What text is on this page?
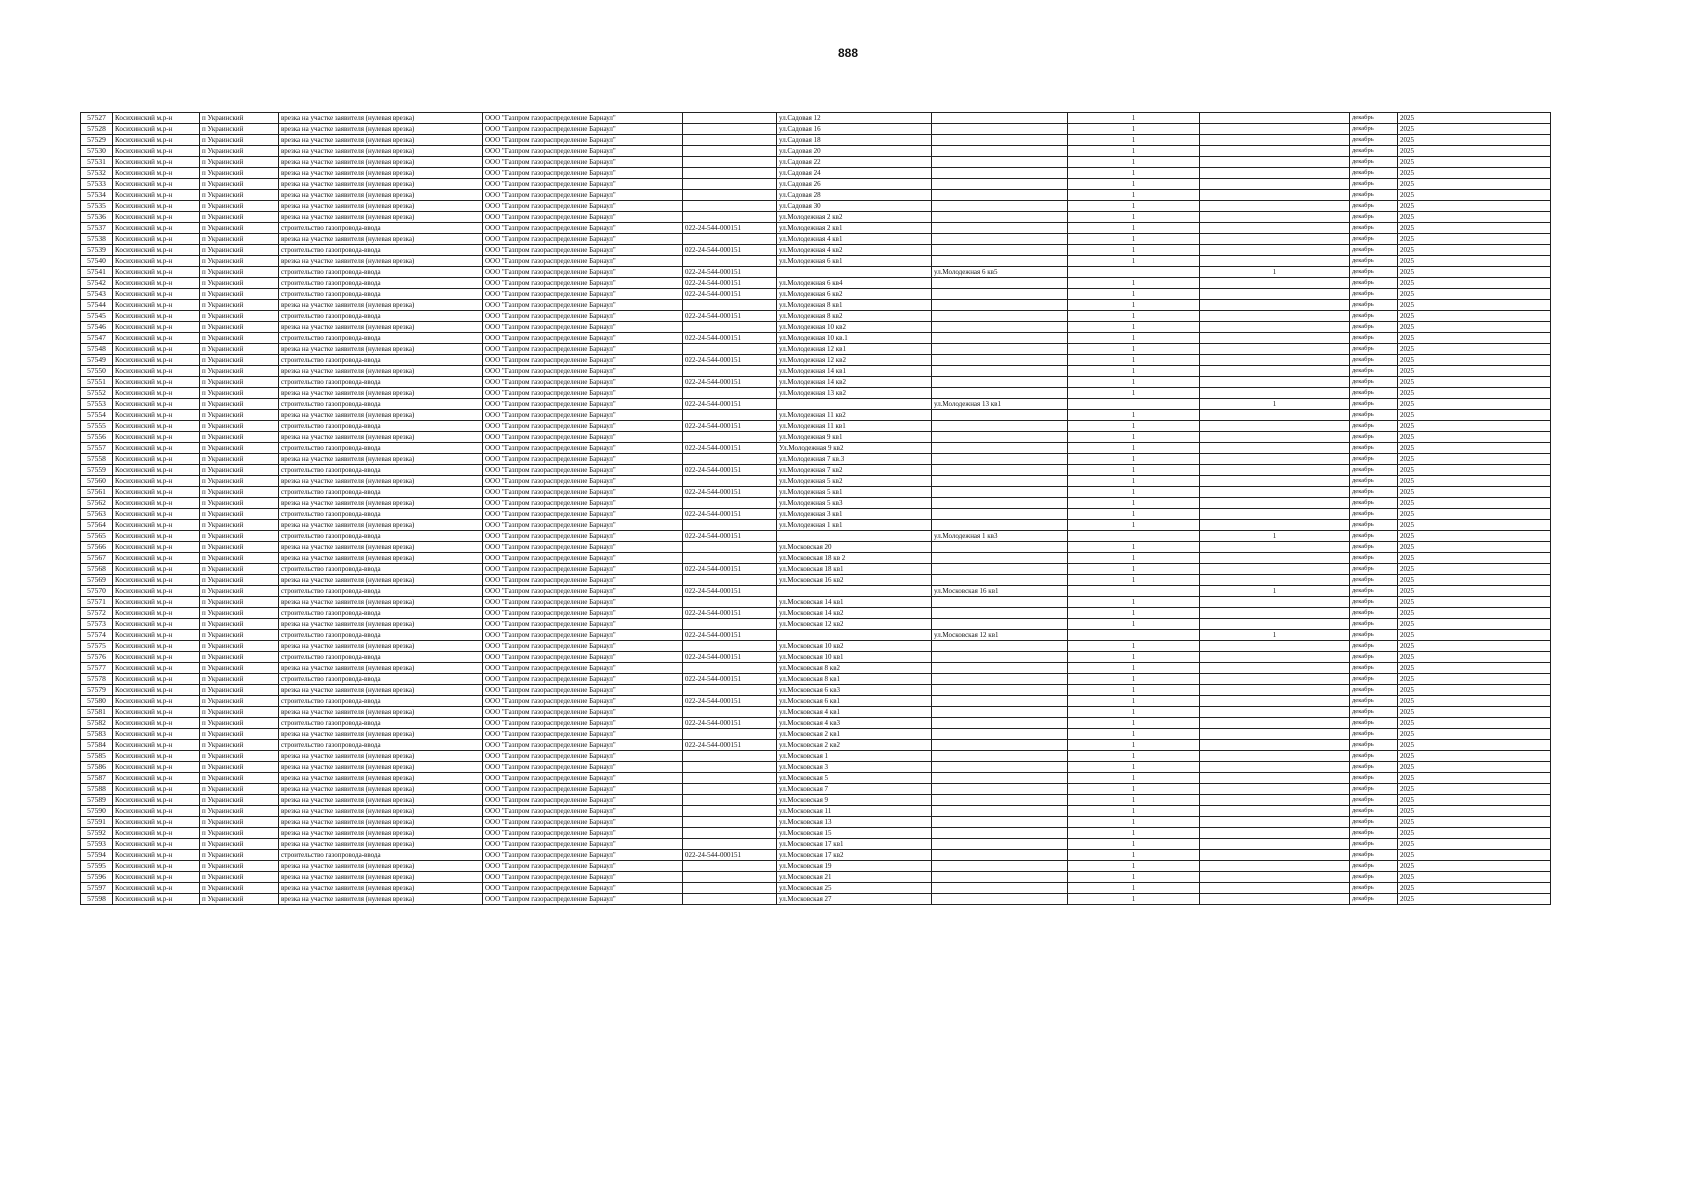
888
57527	Косихинский м.р-н	п Украинский	врезка на участке заявителя (нулевая врезка)	ООО "Газпром газораспределение Барнаул"		ул.Садовая 12		1		декабрь	2025
57528	Косихинский м.р-н	п Украинский	врезка на участке заявителя (нулевая врезка)	ООО "Газпром газораспределение Барнаул"		ул.Садовая 16		1		декабрь	2025
57529	Косихинский м.р-н	п Украинский	врезка на участке заявителя (нулевая врезка)	ООО "Газпром газораспределение Барнаул"		ул.Садовая 18		1		декабрь	2025
57530	Косихинский м.р-н	п Украинский	врезка на участке заявителя (нулевая врезка)	ООО "Газпром газораспределение Барнаул"		ул.Садовая 20		1		декабрь	2025
57531	Косихинский м.р-н	п Украинский	врезка на участке заявителя (нулевая врезка)	ООО "Газпром газораспределение Барнаул"		ул.Садовая 22		1		декабрь	2025
57532	Косихинский м.р-н	п Украинский	врезка на участке заявителя (нулевая врезка)	ООО "Газпром газораспределение Барнаул"		ул.Садовая 24		1		декабрь	2025
57533	Косихинский м.р-н	п Украинский	врезка на участке заявителя (нулевая врезка)	ООО "Газпром газораспределение Барнаул"		ул.Садовая 26		1		декабрь	2025
57534	Косихинский м.р-н	п Украинский	врезка на участке заявителя (нулевая врезка)	ООО "Газпром газораспределение Барнаул"		ул.Садовая 28		1		декабрь	2025
57535	Косихинский м.р-н	п Украинский	врезка на участке заявителя (нулевая врезка)	ООО "Газпром газораспределение Барнаул"		ул.Садовая 30		1		декабрь	2025
57536	Косихинский м.р-н	п Украинский	врезка на участке заявителя (нулевая врезка)	ООО "Газпром газораспределение Барнаул"		ул.Молодежная 2 кв2		1		декабрь	2025
57537	Косихинский м.р-н	п Украинский	строительство газопровода-ввода	ООО "Газпром газораспределение Барнаул"	022-24-544-000151	ул.Молодежная 2 кв1		1		декабрь	2025
57538	Косихинский м.р-н	п Украинский	врезка на участке заявителя (нулевая врезка)	ООО "Газпром газораспределение Барнаул"		ул.Молодежная 4 кв1		1		декабрь	2025
57539	Косихинский м.р-н	п Украинский	строительство газопровода-ввода	ООО "Газпром газораспределение Барнаул"	022-24-544-000151	ул.Молодежная 4 кв2		1		декабрь	2025
57540	Косихинский м.р-н	п Украинский	врезка на участке заявителя (нулевая врезка)	ООО "Газпром газораспределение Барнаул"		ул.Молодежная 6 кв1		1		декабрь	2025
57541	Косихинский м.р-н	п Украинский	строительство газопровода-ввода	ООО "Газпром газораспределение Барнаул"	022-24-544-000151		ул.Молодежная 6 кв5		1	декабрь	2025
57542	Косихинский м.р-н	п Украинский	строительство газопровода-ввода	ООО "Газпром газораспределение Барнаул"	022-24-544-000151	ул.Молодежная 6 кв4		1		декабрь	2025
57543	Косихинский м.р-н	п Украинский	строительство газопровода-ввода	ООО "Газпром газораспределение Барнаул"	022-24-544-000151	ул.Молодежная 6 кв2		1		декабрь	2025
57544	Косихинский м.р-н	п Украинский	врезка на участке заявителя (нулевая врезка)	ООО "Газпром газораспределение Барнаул"		ул.Молодежная 8 кв1		1		декабрь	2025
57545	Косихинский м.р-н	п Украинский	строительство газопровода-ввода	ООО "Газпром газораспределение Барнаул"	022-24-544-000151	ул.Молодежная 8 кв2		1		декабрь	2025
57546	Косихинский м.р-н	п Украинский	врезка на участке заявителя (нулевая врезка)	ООО "Газпром газораспределение Барнаул"		ул.Молодежная 10 кв2		1		декабрь	2025
57547	Косихинский м.р-н	п Украинский	строительство газопровода-ввода	ООО "Газпром газораспределение Барнаул"	022-24-544-000151	ул.Молодежная 10 кв.1		1		декабрь	2025
57548	Косихинский м.р-н	п Украинский	врезка на участке заявителя (нулевая врезка)	ООО "Газпром газораспределение Барнаул"		ул.Молодежная 12 кв1		1		декабрь	2025
57549	Косихинский м.р-н	п Украинский	строительство газопровода-ввода	ООО "Газпром газораспределение Барнаул"	022-24-544-000151	ул.Молодежная 12 кв2		1		декабрь	2025
57550	Косихинский м.р-н	п Украинский	врезка на участке заявителя (нулевая врезка)	ООО "Газпром газораспределение Барнаул"		ул.Молодежная 14 кв1		1		декабрь	2025
57551	Косихинский м.р-н	п Украинский	строительство газопровода-ввода	ООО "Газпром газораспределение Барнаул"	022-24-544-000151	ул.Молодежная 14 кв2		1		декабрь	2025
57552	Косихинский м.р-н	п Украинский	врезка на участке заявителя (нулевая врезка)	ООО "Газпром газораспределение Барнаул"		ул.Молодежная 13 кв2		1		декабрь	2025
57553	Косихинский м.р-н	п Украинский	строительство газопровода-ввода	ООО "Газпром газораспределение Барнаул"	022-24-544-000151		ул.Молодежная 13 кв1		1	декабрь	2025
57554	Косихинский м.р-н	п Украинский	врезка на участке заявителя (нулевая врезка)	ООО "Газпром газораспределение Барнаул"		ул.Молодежная 11 кв2		1		декабрь	2025
57555	Косихинский м.р-н	п Украинский	строительство газопровода-ввода	ООО "Газпром газораспределение Барнаул"	022-24-544-000151	ул.Молодежная 11 кв1		1		декабрь	2025
57556	Косихинский м.р-н	п Украинский	врезка на участке заявителя (нулевая врезка)	ООО "Газпром газораспределение Барнаул"		ул.Молодежная 9 кв1		1		декабрь	2025
57557	Косихинский м.р-н	п Украинский	строительство газопровода-ввода	ООО "Газпром газораспределение Барнаул"	022-24-544-000151	Ул.Молодежная 9 кв2		1		декабрь	2025
57558	Косихинский м.р-н	п Украинский	врезка на участке заявителя (нулевая врезка)	ООО "Газпром газораспределение Барнаул"		ул.Молодежная 7 кв.3		1		декабрь	2025
57559	Косихинский м.р-н	п Украинский	строительство газопровода-ввода	ООО "Газпром газораспределение Барнаул"	022-24-544-000151	ул.Молодежная 7 кв2		1		декабрь	2025
57560	Косихинский м.р-н	п Украинский	врезка на участке заявителя (нулевая врезка)	ООО "Газпром газораспределение Барнаул"		ул.Молодежная 5 кв2		1		декабрь	2025
57561	Косихинский м.р-н	п Украинский	строительство газопровода-ввода	ООО "Газпром газораспределение Барнаул"	022-24-544-000151	ул.Молодежная 5 кв1		1		декабрь	2025
57562	Косихинский м.р-н	п Украинский	врезка на участке заявителя (нулевая врезка)	ООО "Газпром газораспределение Барнаул"		ул.Молодежная 5 кв3		1		декабрь	2025
57563	Косихинский м.р-н	п Украинский	строительство газопровода-ввода	ООО "Газпром газораспределение Барнаул"	022-24-544-000151	ул.Молодежная 3 кв1		1		декабрь	2025
57564	Косихинский м.р-н	п Украинский	врезка на участке заявителя (нулевая врезка)	ООО "Газпром газораспределение Барнаул"		ул.Молодежная 1 кв1		1		декабрь	2025
57565	Косихинский м.р-н	п Украинский	строительство газопровода-ввода	ООО "Газпром газораспределение Барнаул"	022-24-544-000151		ул.Молодежная 1 кв3		1	декабрь	2025
57566	Косихинский м.р-н	п Украинский	врезка на участке заявителя (нулевая врезка)	ООО "Газпром газораспределение Барнаул"		ул.Московская 20		1		декабрь	2025
57567	Косихинский м.р-н	п Украинский	врезка на участке заявителя (нулевая врезка)	ООО "Газпром газораспределение Барнаул"		ул.Московская 18 кв 2		1		декабрь	2025
57568	Косихинский м.р-н	п Украинский	строительство газопровода-ввода	ООО "Газпром газораспределение Барнаул"	022-24-544-000151	ул.Московская 18 кв1		1		декабрь	2025
57569	Косихинский м.р-н	п Украинский	врезка на участке заявителя (нулевая врезка)	ООО "Газпром газораспределение Барнаул"		ул.Московская 16 кв2		1		декабрь	2025
57570	Косихинский м.р-н	п Украинский	строительство газопровода-ввода	ООО "Газпром газораспределение Барнаул"	022-24-544-000151		ул.Московская 16 кв1		1	декабрь	2025
57571	Косихинский м.р-н	п Украинский	врезка на участке заявителя (нулевая врезка)	ООО "Газпром газораспределение Барнаул"		ул.Московская 14 кв1		1		декабрь	2025
57572	Косихинский м.р-н	п Украинский	строительство газопровода-ввода	ООО "Газпром газораспределение Барнаул"	022-24-544-000151	ул.Московская 14 кв2		1		декабрь	2025
57573	Косихинский м.р-н	п Украинский	врезка на участке заявителя (нулевая врезка)	ООО "Газпром газораспределение Барнаул"		ул.Московская 12 кв2		1		декабрь	2025
57574	Косихинский м.р-н	п Украинский	строительство газопровода-ввода	ООО "Газпром газораспределение Барнаул"	022-24-544-000151		ул.Московская 12 кв1		1	декабрь	2025
57575	Косихинский м.р-н	п Украинский	врезка на участке заявителя (нулевая врезка)	ООО "Газпром газораспределение Барнаул"		ул.Московская 10 кв2		1		декабрь	2025
57576	Косихинский м.р-н	п Украинский	строительство газопровода-ввода	ООО "Газпром газораспределение Барнаул"	022-24-544-000151	ул.Московская 10 кв1		1		декабрь	2025
57577	Косихинский м.р-н	п Украинский	врезка на участке заявителя (нулевая врезка)	ООО "Газпром газораспределение Барнаул"		ул.Московская 8 кв2		1		декабрь	2025
57578	Косихинский м.р-н	п Украинский	строительство газопровода-ввода	ООО "Газпром газораспределение Барнаул"	022-24-544-000151	ул.Московская 8 кв1		1		декабрь	2025
57579	Косихинский м.р-н	п Украинский	врезка на участке заявителя (нулевая врезка)	ООО "Газпром газораспределение Барнаул"		ул.Московская 6 кв3		1		декабрь	2025
57580	Косихинский м.р-н	п Украинский	строительство газопровода-ввода	ООО "Газпром газораспределение Барнаул"	022-24-544-000151	ул.Московская 6 кв1		1		декабрь	2025
57581	Косихинский м.р-н	п Украинский	врезка на участке заявителя (нулевая врезка)	ООО "Газпром газораспределение Барнаул"		ул.Московская 4 кв1		1		декабрь	2025
57582	Косихинский м.р-н	п Украинский	строительство газопровода-ввода	ООО "Газпром газораспределение Барнаул"	022-24-544-000151	ул.Московская 4 кв3		1		декабрь	2025
57583	Косихинский м.р-н	п Украинский	врезка на участке заявителя (нулевая врезка)	ООО "Газпром газораспределение Барнаул"		ул.Московская 2 кв1		1		декабрь	2025
57584	Косихинский м.р-н	п Украинский	строительство газопровода-ввода	ООО "Газпром газораспределение Барнаул"	022-24-544-000151	ул.Московская 2 кв2		1		декабрь	2025
57585	Косихинский м.р-н	п Украинский	врезка на участке заявителя (нулевая врезка)	ООО "Газпром газораспределение Барнаул"		ул.Московская 1		1		декабрь	2025
57586	Косихинский м.р-н	п Украинский	врезка на участке заявителя (нулевая врезка)	ООО "Газпром газораспределение Барнаул"		ул.Московская 3		1		декабрь	2025
57587	Косихинский м.р-н	п Украинский	врезка на участке заявителя (нулевая врезка)	ООО "Газпром газораспределение Барнаул"		ул.Московская 5		1		декабрь	2025
57588	Косихинский м.р-н	п Украинский	врезка на участке заявителя (нулевая врезка)	ООО "Газпром газораспределение Барнаул"		ул.Московская 7		1		декабрь	2025
57589	Косихинский м.р-н	п Украинский	врезка на участке заявителя (нулевая врезка)	ООО "Газпром газораспределение Барнаул"		ул.Московская 9		1		декабрь	2025
57590	Косихинский м.р-н	п Украинский	врезка на участке заявителя (нулевая врезка)	ООО "Газпром газораспределение Барнаул"		ул.Московская 11		1		декабрь	2025
57591	Косихинский м.р-н	п Украинский	врезка на участке заявителя (нулевая врезка)	ООО "Газпром газораспределение Барнаул"		ул.Московская 13		1		декабрь	2025
57592	Косихинский м.р-н	п Украинский	врезка на участке заявителя (нулевая врезка)	ООО "Газпром газораспределение Барнаул"		ул.Московская 15		1		декабрь	2025
57593	Косихинский м.р-н	п Украинский	врезка на участке заявителя (нулевая врезка)	ООО "Газпром газораспределение Барнаул"		ул.Московская 17 кв1		1		декабрь	2025
57594	Косихинский м.р-н	п Украинский	строительство газопровода-ввода	ООО "Газпром газораспределение Барнаул"	022-24-544-000151	ул.Московская 17 кв2		1		декабрь	2025
57595	Косихинский м.р-н	п Украинский	врезка на участке заявителя (нулевая врезка)	ООО "Газпром газораспределение Барнаул"		ул.Московская 19		1		декабрь	2025
57596	Косихинский м.р-н	п Украинский	врезка на участке заявителя (нулевая врезка)	ООО "Газпром газораспределение Барнаул"		ул.Московская 21		1		декабрь	2025
57597	Косихинский м.р-н	п Украинский	врезка на участке заявителя (нулевая врезка)	ООО "Газпром газораспределение Барнаул"		ул.Московская 25		1		декабрь	2025
57598	Косихинский м.р-н	п Украинский	врезка на участке заявителя (нулевая врезка)	ООО "Газпром газораспределение Барнаул"		ул.Московская 27		1		декабрь	2025
